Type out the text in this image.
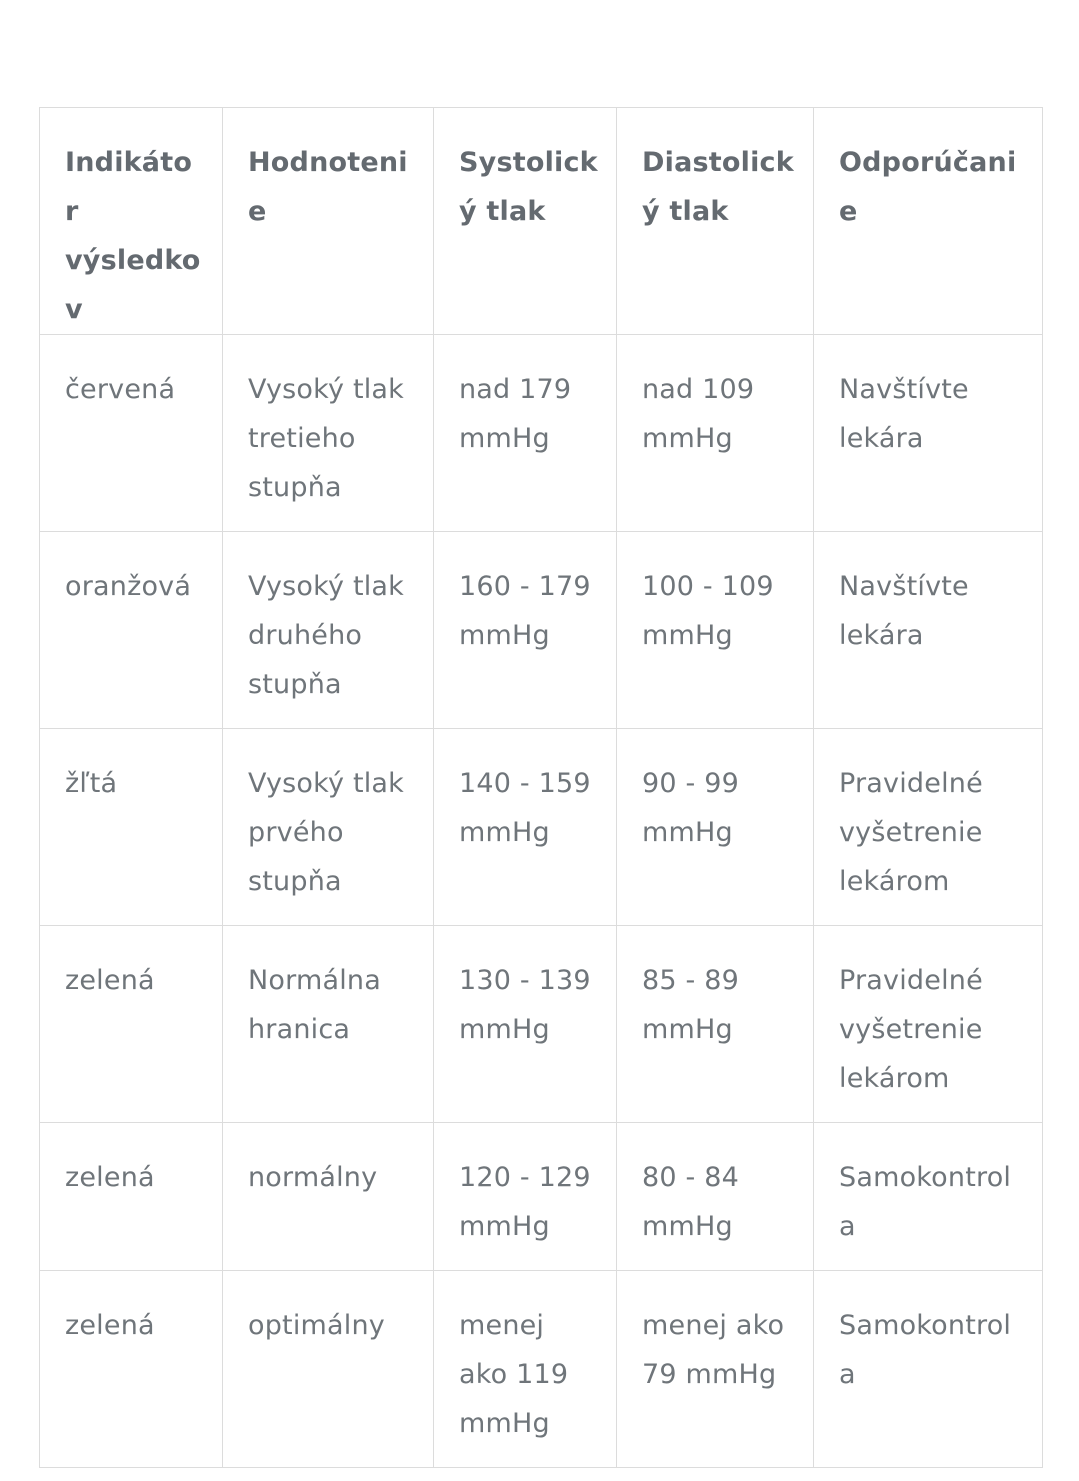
Indikátor výsledkov	Hodnotenie	Systolický tlak	Diastolický tlak	Odporúčanie
červená	Vysoký tlak tretieho stupňa	nad 179 mmHg	nad 109 mmHg	Navštívte lekára
oranžová	Vysoký tlak druhého stupňa	160 - 179 mmHg	100 - 109 mmHg	Navštívte lekára
žľtá	Vysoký tlak prvého stupňa	140 - 159 mmHg	90 - 99 mmHg	Pravidelné vyšetrenie lekárom
zelená	Normálna hranica	130 - 139 mmHg	85 - 89 mmHg	Pravidelné vyšetrenie lekárom
zelená	normálny	120 - 129 mmHg	80 - 84 mmHg	Samokontrola
zelená	optimálny	menej ako 119 mmHg	menej ako 79 mmHg	Samokontrola
